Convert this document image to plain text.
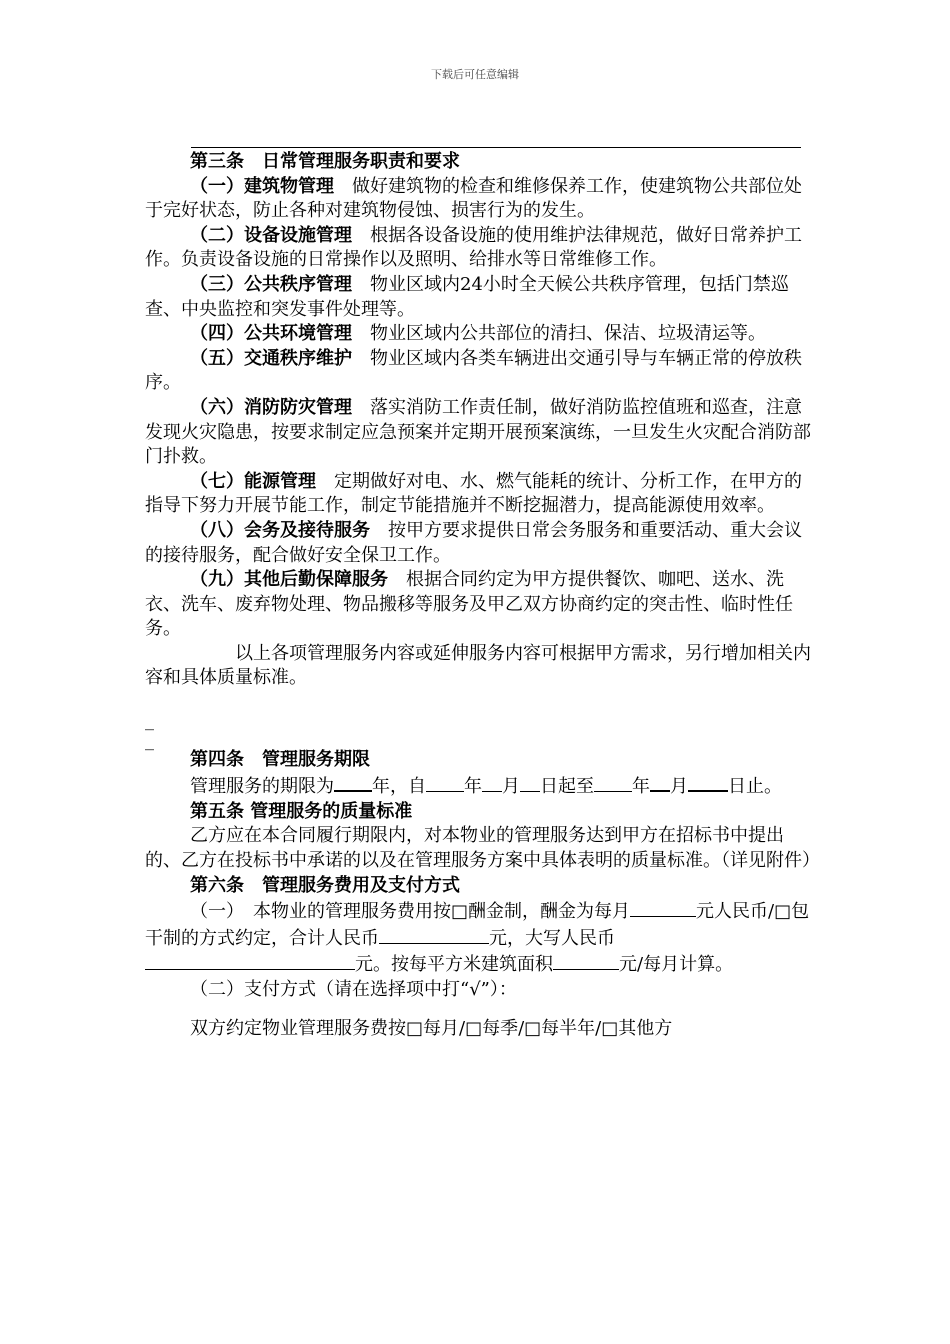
下载后可任意编辑

第三条　日常管理服务职责和要求

（一）建筑物管理　做好建筑物的检查和维修保养工作，使建筑物公共部位处于完好状态，防止各种对建筑物侵蚀、损害行为的发生。

（二）设备设施管理　根据各设备设施的使用维护法律规范，做好日常养护工作。负责设备设施的日常操作以及照明、给排水等日常维修工作。

（三）公共秩序管理　物业区域内24小时全天候公共秩序管理，包括门禁巡查、中央监控和突发事件处理等。

（四）公共环境管理　物业区域内公共部位的清扫、保洁、垃圾清运等。

（五）交通秩序维护　物业区域内各类车辆进出交通引导与车辆正常的停放秩序。

（六）消防防灾管理　落实消防工作责任制，做好消防监控值班和巡查，注意发现火灾隐患，按要求制定应急预案并定期开展预案演练，一旦发生火灾配合消防部门扑救。

（七）能源管理　定期做好对电、水、燃气能耗的统计、分析工作，在甲方的指导下努力开展节能工作，制定节能措施并不断挖掘潜力，提高能源使用效率。

（八）会务及接待服务　按甲方要求提供日常会务服务和重要活动、重大会议的接待服务，配合做好安全保卫工作。

（九）其他后勤保障服务　根据合同约定为甲方提供餐饮、咖吧、送水、洗衣、洗车、废弃物处理、物品搬移等服务及甲乙双方协商约定的突击性、临时性任务。

以上各项管理服务内容或延伸服务内容可根据甲方需求，另行增加相关内容和具体质量标准。

_

_

第四条　管理服务期限

管理服务的期限为 年，自 年 月 日起至 年 月 日止。

第五条 管理服务的质量标准

乙方应在本合同履行期限内，对本物业的管理服务达到甲方在招标书中提出的、乙方在投标书中承诺的以及在管理服务方案中具体表明的质量标准。（详见附件）

第六条　管理服务费用及支付方式

（一）　本物业的管理服务费用按□酬金制，酬金为每月	元人民币/□包干制的方式约定，合计人民币	元，大写人民币元。按每平方米建筑面积	元/每月计算。

（二）支付方式（请在选择项中打“√”）：

双方约定物业管理服务费按□每月/□每季/□每半年/□其他方
